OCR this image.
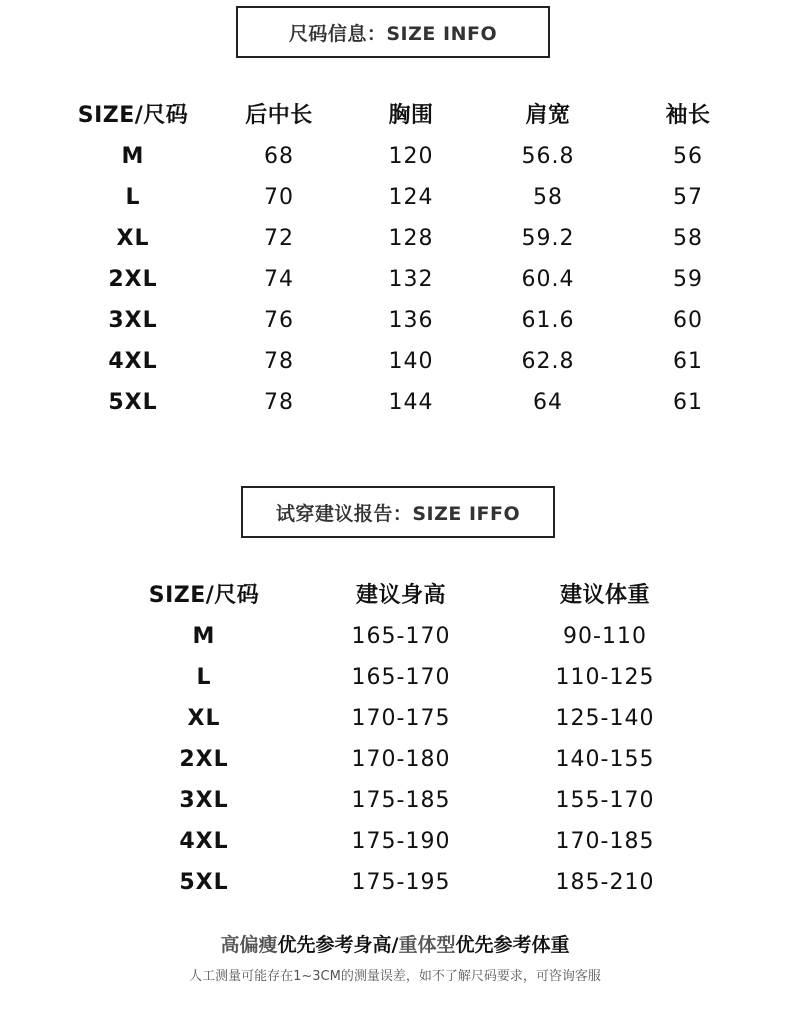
尺码信息：SIZE INFO
SIZE/尺码	后中长	胸围	肩宽	袖长
M	68	120	56.8	56
L	70	124	58	57
XL	72	128	59.2	58
2XL	74	132	60.4	59
3XL	76	136	61.6	60
4XL	78	140	62.8	61
5XL	78	144	64	61
试穿建议报告：SIZE IFFO
SIZE/尺码	建议身高	建议体重
M	165-170	90-110
L	165-170	110-125
XL	170-175	125-140
2XL	170-180	140-155
3XL	175-185	155-170
4XL	175-190	170-185
5XL	175-195	185-210
高偏瘦优先参考身高/重体型优先参考体重
人工测量可能存在1~3CM的测量误差，如不了解尺码要求，可咨询客服
